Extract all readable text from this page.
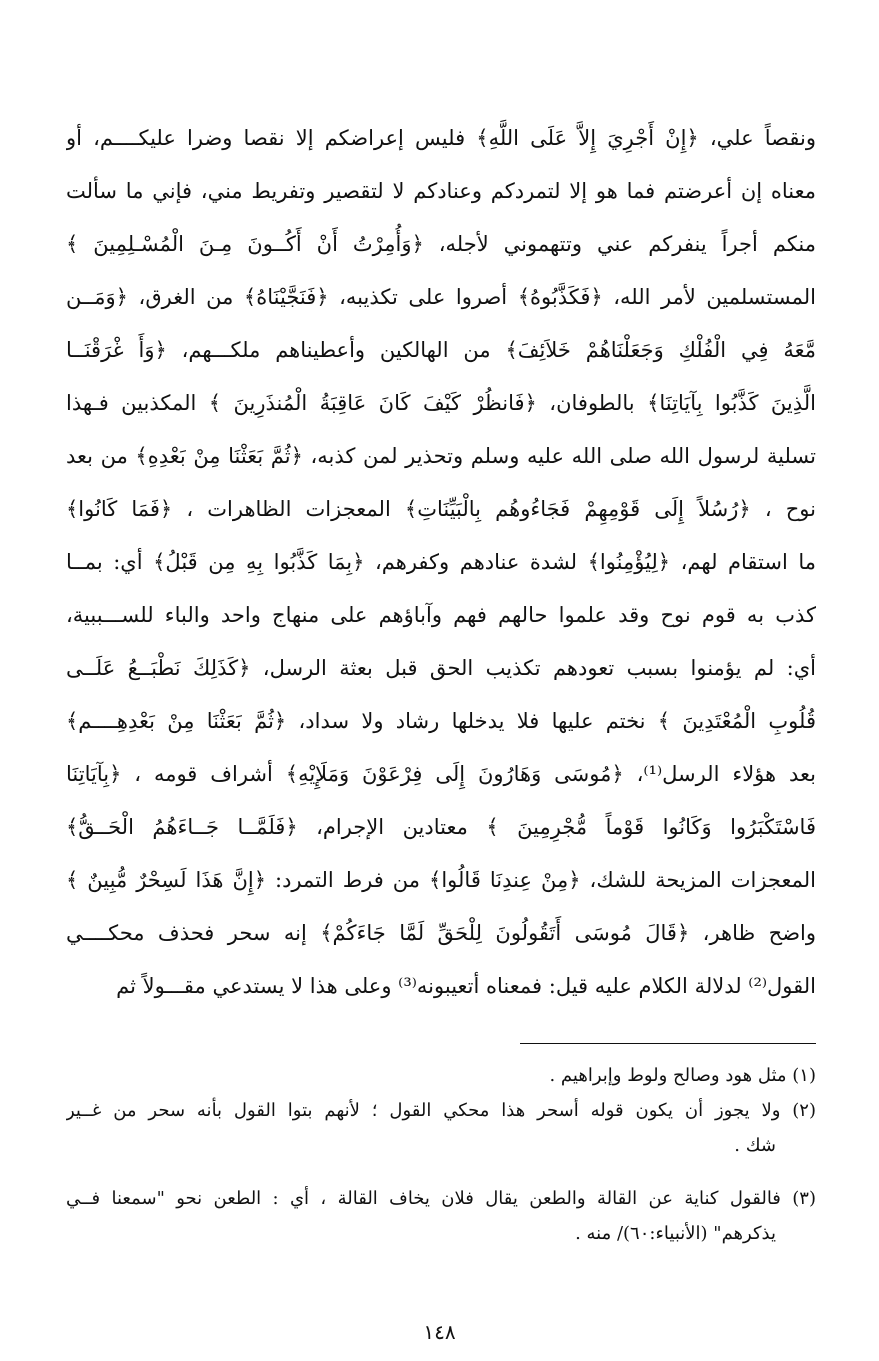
ونقصاً علي، ﴿إِنْ أَجْرِيَ إِلاَّ عَلَى اللَّهِ﴾ فليس إعراضكم إلا نقصا وضرا عليكــــم، أو
معناه إن أعرضتم فما هو إلا لتمردكم وعنادكم لا لتقصير وتفريط مني، فإني ما سألت
منكم أجراً ينفركم عني وتتهموني لأجله، ﴿وَأُمِرْتُ أَنْ أَكُــونَ مِـنَ الْمُسْـلِمِينَ ﴾
المستسلمين لأمر الله، ﴿فَكَذَّبُوهُ﴾ أصروا على تكذيبه، ﴿فَنَجَّيْنَاهُ﴾ من الغرق، ﴿وَمَــن
مَّعَهُ فِي الْفُلْكِ وَجَعَلْنَاهُمْ خَلاَئِفَ﴾ من الهالكين وأعطيناهم ملكـــهم، ﴿وَأَ غْرَقْنَــا
الَّذِينَ كَذَّبُوا بِآيَاتِنَا﴾ بالطوفان، ﴿فَانظُرْ كَيْفَ كَانَ عَاقِبَةُ الْمُنذَرِينَ ﴾ المكذبين فـهذا
تسلية لرسول الله صلى الله عليه وسلم وتحذير لمن كذبه، ﴿ثُمَّ بَعَثْنَا مِنْ بَعْدِهِ﴾ من بعد
نوح ، ﴿رُسُلاً إِلَى قَوْمِهِمْ فَجَاءُوهُم بِالْبَيِّنَاتِ﴾ المعجزات الظاهرات ، ﴿فَمَا كَانُوا﴾
ما استقام لهم، ﴿لِيُؤْمِنُوا﴾ لشدة عنادهم وكفرهم، ﴿بِمَا كَذَّبُوا بِهِ مِن قَبْلُ﴾ أي: بمــا
كذب به قوم نوح وقد علموا حالهم فهم وآباؤهم على منهاج واحد والباء للســـببية،
أي: لم يؤمنوا بسبب تعودهم تكذيب الحق قبل بعثة الرسل، ﴿كَذَلِكَ نَطْبَــعُ عَلَــى
قُلُوبِ الْمُعْتَدِينَ ﴾ نختم عليها فلا يدخلها رشاد ولا سداد، ﴿ثُمَّ بَعَثْنَا مِنْ بَعْدِهِــــم﴾
بعد هؤلاء الرسل⁽¹⁾، ﴿مُوسَى وَهَارُونَ إِلَى فِرْعَوْنَ وَمَلَإِيْهِ﴾ أشراف قومه ، ﴿بِآيَاتِنَا
فَاسْتَكْبَرُوا وَكَانُوا قَوْماً مُّجْرِمِينَ ﴾ معتادين الإجرام، ﴿فَلَمَّــا جَــاءَهُمُ الْحَــقُّ﴾
المعجزات المزيحة للشك، ﴿مِنْ عِندِنَا قَالُوا﴾ من فرط التمرد: ﴿إِنَّ هَذَا لَسِحْرٌ مُّبِينٌ ﴾
واضح ظاهر، ﴿قَالَ مُوسَى أَتَقُولُونَ لِلْحَقِّ لَمَّا جَاءَكُمْ﴾ إنه سحر فحذف محكــــي
القول⁽²⁾ لدلالة الكلام عليه قيل: فمعناه أتعيبونه⁽³⁾ وعلى هذا لا يستدعي مقـــولاً ثم
(١) مثل هود وصالح ولوط وإبراهيم .
(٢) ولا يجوز أن يكون قوله أسحر هذا محكي القول ؛ لأنهم بتوا القول بأنه سحر من غــير
شك .
(٣) فالقول كناية عن القالة والطعن يقال فلان يخاف القالة ، أي : الطعن نحو "سمعنا فــي
يذكرهم" (الأنبياء:٦٠)/ منه .
١٤٨
